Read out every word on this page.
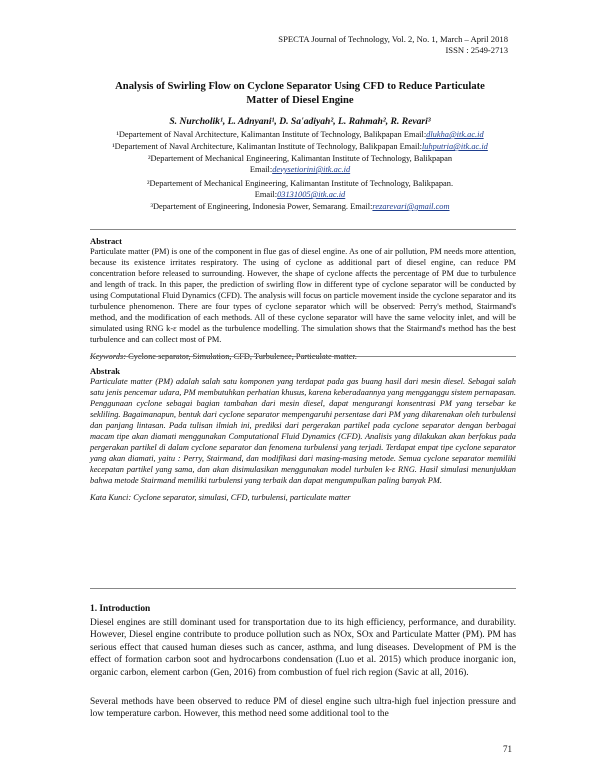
SPECTA Journal of Technology, Vol. 2, No. 1, March – April 2018
ISSN : 2549-2713
Analysis of Swirling Flow on Cyclone Separator Using CFD to Reduce Particulate
Matter of Diesel Engine
S. Nurcholik¹, L. Adnyani¹, D. Sa'adiyah², L. Rahmah², R. Revari³
¹Departement of Naval Architecture, Kalimantan Institute of Technology, Balikpapan Email:dlukha@itk.ac.id
¹Departement of Naval Architecture, Kalimantan Institute of Technology, Balikpapan Email:luhputria@itk.ac.id
²Departement of Mechanical Engineering, Kalimantan Institute of Technology, Balikpapan Email:devysetiorini@itk.ac.id
²Departement of Mechanical Engineering, Kalimantan Institute of Technology, Balikpapan. Email:03131005@itk.ac.id
³Departement of Engineering, Indonesia Power, Semarang. Email:rezarevari@gmail.com
Abstract
Particulate matter (PM) is one of the component in flue gas of diesel engine. As one of air pollution, PM needs more attention, because its existence irritates respiratory. The using of cyclone as additional part of diesel engine, can reduce PM concentration before released to surrounding. However, the shape of cyclone affects the percentage of PM due to turbulence and length of track. In this paper, the prediction of swirling flow in different type of cyclone separator will be conducted by using Computational Fluid Dynamics (CFD). The analysis will focus on particle movement inside the cyclone separator and its turbulence phenomenon. There are four types of cyclone separator which will be observed: Perry's method, Stairmand's method, and the modification of each methods. All of these cyclone separator will have the same velocity inlet, and will be simulated using RNG k-ε model as the turbulence modelling. The simulation shows that the Stairmand's method has the best turbulence and can collect most of PM.
Keywords: Cyclone separator, Simulation, CFD, Turbulence, Particulate matter.
Abstrak
Particulate matter (PM) adalah salah satu komponen yang terdapat pada gas buang hasil dari mesin diesel. Sebagai salah satu jenis pencemar udara, PM membutuhkan perhatian khusus, karena keberadaannya yang mengganggu sistem pernapasan. Penggunaan cyclone sebagai bagian tambahan dari mesin diesel, dapat mengurangi konsentrasi PM yang tersebar ke sekliling. Bagaimanapun, bentuk dari cyclone separator mempengaruhi persentase dari PM yang dikarenakan oleh turbulensi dan panjang lintasan. Pada tulisan ilmiah ini, prediksi dari pergerakan partikel pada cyclone separator dengan berbagai macam tipe akan diamati menggunakan Computational Fluid Dynamics (CFD). Analisis yang dilakukan akan berfokus pada pergerakan partikel di dalam cyclone separator dan fenomena turbulensi yang terjadi. Terdapat empat tipe cyclone separator yang akan diamati, yaitu : Perry, Stairmand, dan modifikasi dari masing-masing metode. Semua cyclone separator memiliki kecepatan partikel yang sama, dan akan disimulasikan menggunakan model turbulen k-ε RNG. Hasil simulasi menunjukkan bahwa metode Stairmand memiliki turbulensi yang terbaik dan dapat mengumpulkan paling banyak PM.
Kata Kunci: Cyclone separator, simulasi, CFD, turbulensi, particulate matter
1. Introduction
Diesel engines are still dominant used for transportation due to its high efficiency, performance, and durability. However, Diesel engine contribute to produce pollution such as NOx, SOx and Particulate Matter (PM). PM has serious effect that caused human dieses such as cancer, asthma, and lung diseases. Development of PM is the effect of formation carbon soot and hydrocarbons condensation (Luo et al. 2015) which produce inorganic ion, organic carbon, element carbon (Gen, 2016) from combustion of fuel rich region (Savic at all, 2016).
Several methods have been observed to reduce PM of diesel engine such ultra-high fuel injection pressure and low temperature carbon. However, this method need some additional tool to the
71
